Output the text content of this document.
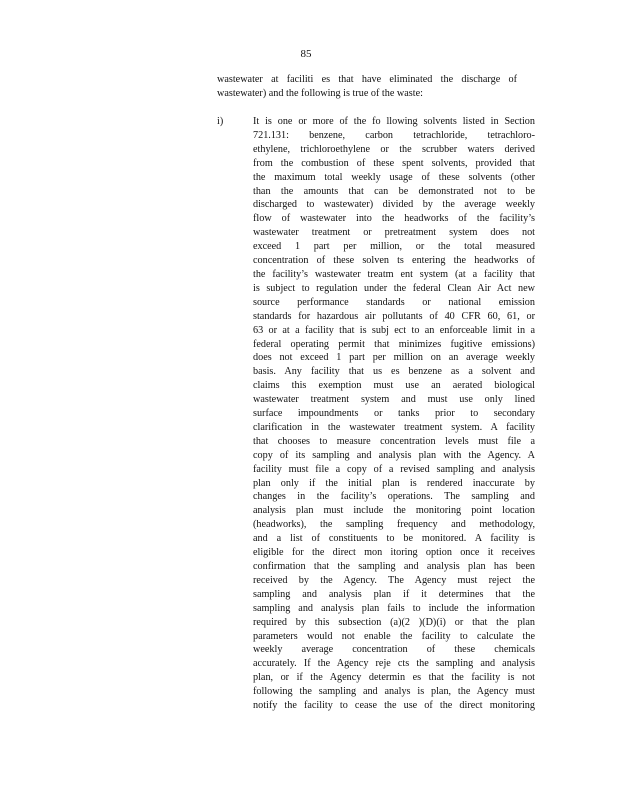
85
wastewater at faciliti es that have eliminated the discharge of
wastewater) and the following is true of the waste:
i)	It is one or more of the fo llowing solvents listed in Section
721.131: benzene, carbon tetrachloride, tetrachloro-
ethylene, trichloroethylene or the scrubber waters derived
from the combustion of these spent solvents, provided that
the maximum total weekly usage of these solvents (other
than the amounts that can be demonstrated not to be
discharged to wastewater) divided by the average weekly
flow of wastewater into the headworks of the facility’s
wastewater treatment or pretreatment system does not
exceed 1 part per million, or the total measured
concentration of these solven ts entering the headworks of
the facility’s wastewater treatm ent system (at a facility that
is subject to regulation under the federal Clean Air Act new
source performance standards or national emission
standards for hazardous air pollutants of 40 CFR 60, 61, or
63 or at a facility that is subj ect to an enforceable limit in a
federal operating permit that minimizes fugitive emissions)
does not exceed 1 part per million on an average weekly
basis. Any facility that us es benzene as a solvent and
claims this exemption must use an aerated biological
wastewater treatment system and must use only lined
surface impoundments or tanks prior to secondary
clarification in the wastewater treatment system. A facility
that chooses to measure concentration levels must file a
copy of its sampling and analysis plan with the Agency. A
facility must file a copy of a revised sampling and analysis
plan only if the initial plan is rendered inaccurate by
changes in the facility’s operations. The sampling and
analysis plan must include the monitoring point location
(headworks), the sampling frequency and methodology,
and a list of constituents to be monitored. A facility is
eligible for the direct mon itoring option once it receives
confirmation that the sampling and analysis plan has been
received by the Agency. The Agency must reject the
sampling and analysis plan if it determines that the
sampling and analysis plan fails to include the information
required by this subsection (a)(2 )(D)(i) or that the plan
parameters would not enable the facility to calculate the
weekly average concentration of these chemicals
accurately. If the Agency reje cts the sampling and analysis
plan, or if the Agency determin es that the facility is not
following the sampling and analys is plan, the Agency must
notify the facility to cease the use of the direct monitoring
